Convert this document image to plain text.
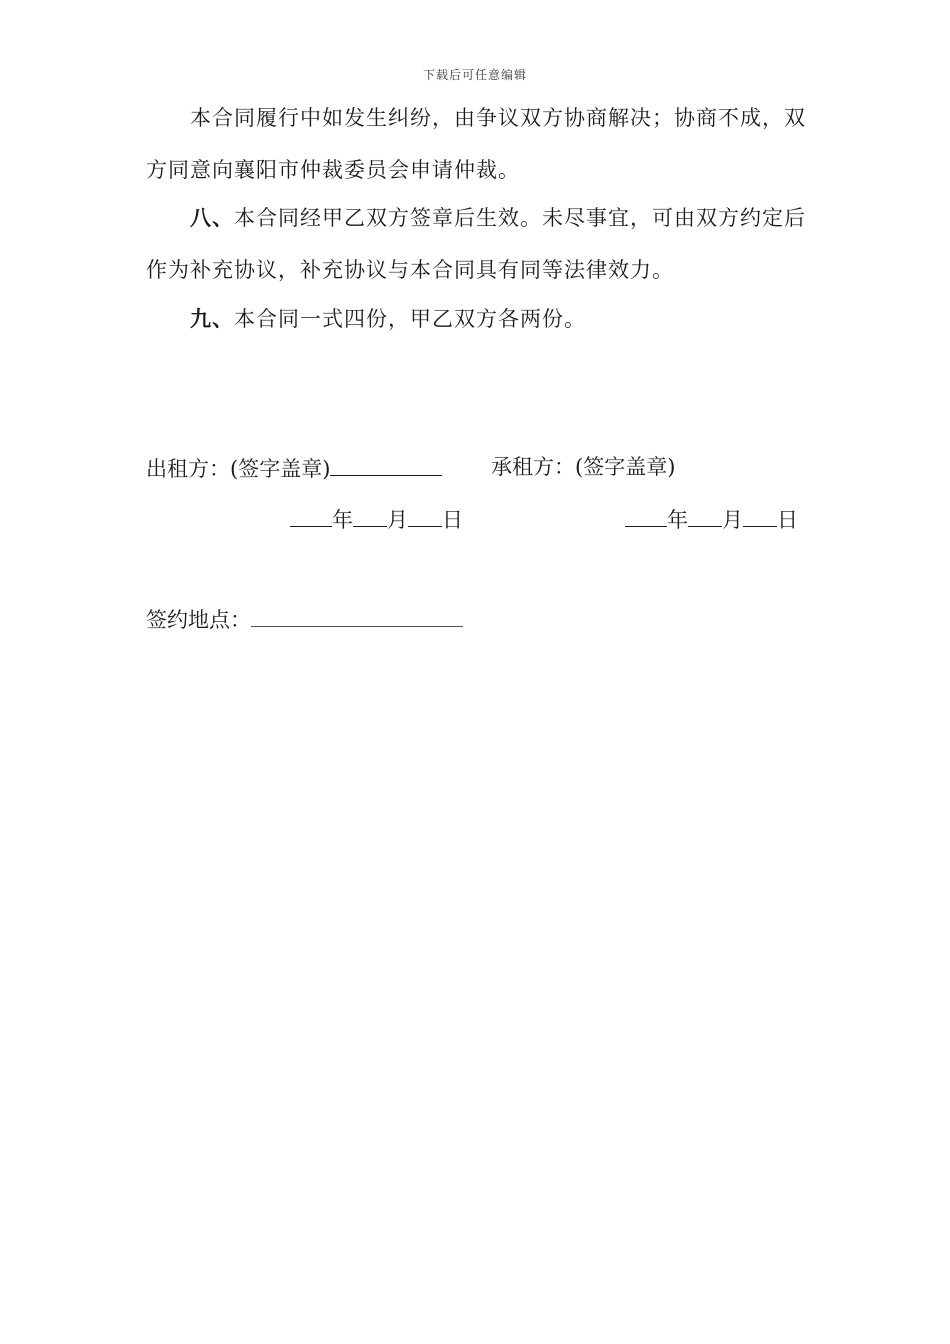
下载后可任意编辑

本合同履行中如发生纠纷，由争议双方协商解决；协商不成，双方同意向襄阳市仲裁委员会申请仲裁。

八、本合同经甲乙双方签章后生效。未尽事宜，可由双方约定后作为补充协议，补充协议与本合同具有同等法律效力。

九、本合同一式四份，甲乙双方各两份。

出租方：(签字盖章)	承租方：(签字盖章)
年 月 日	年 月 日
签约地点：
